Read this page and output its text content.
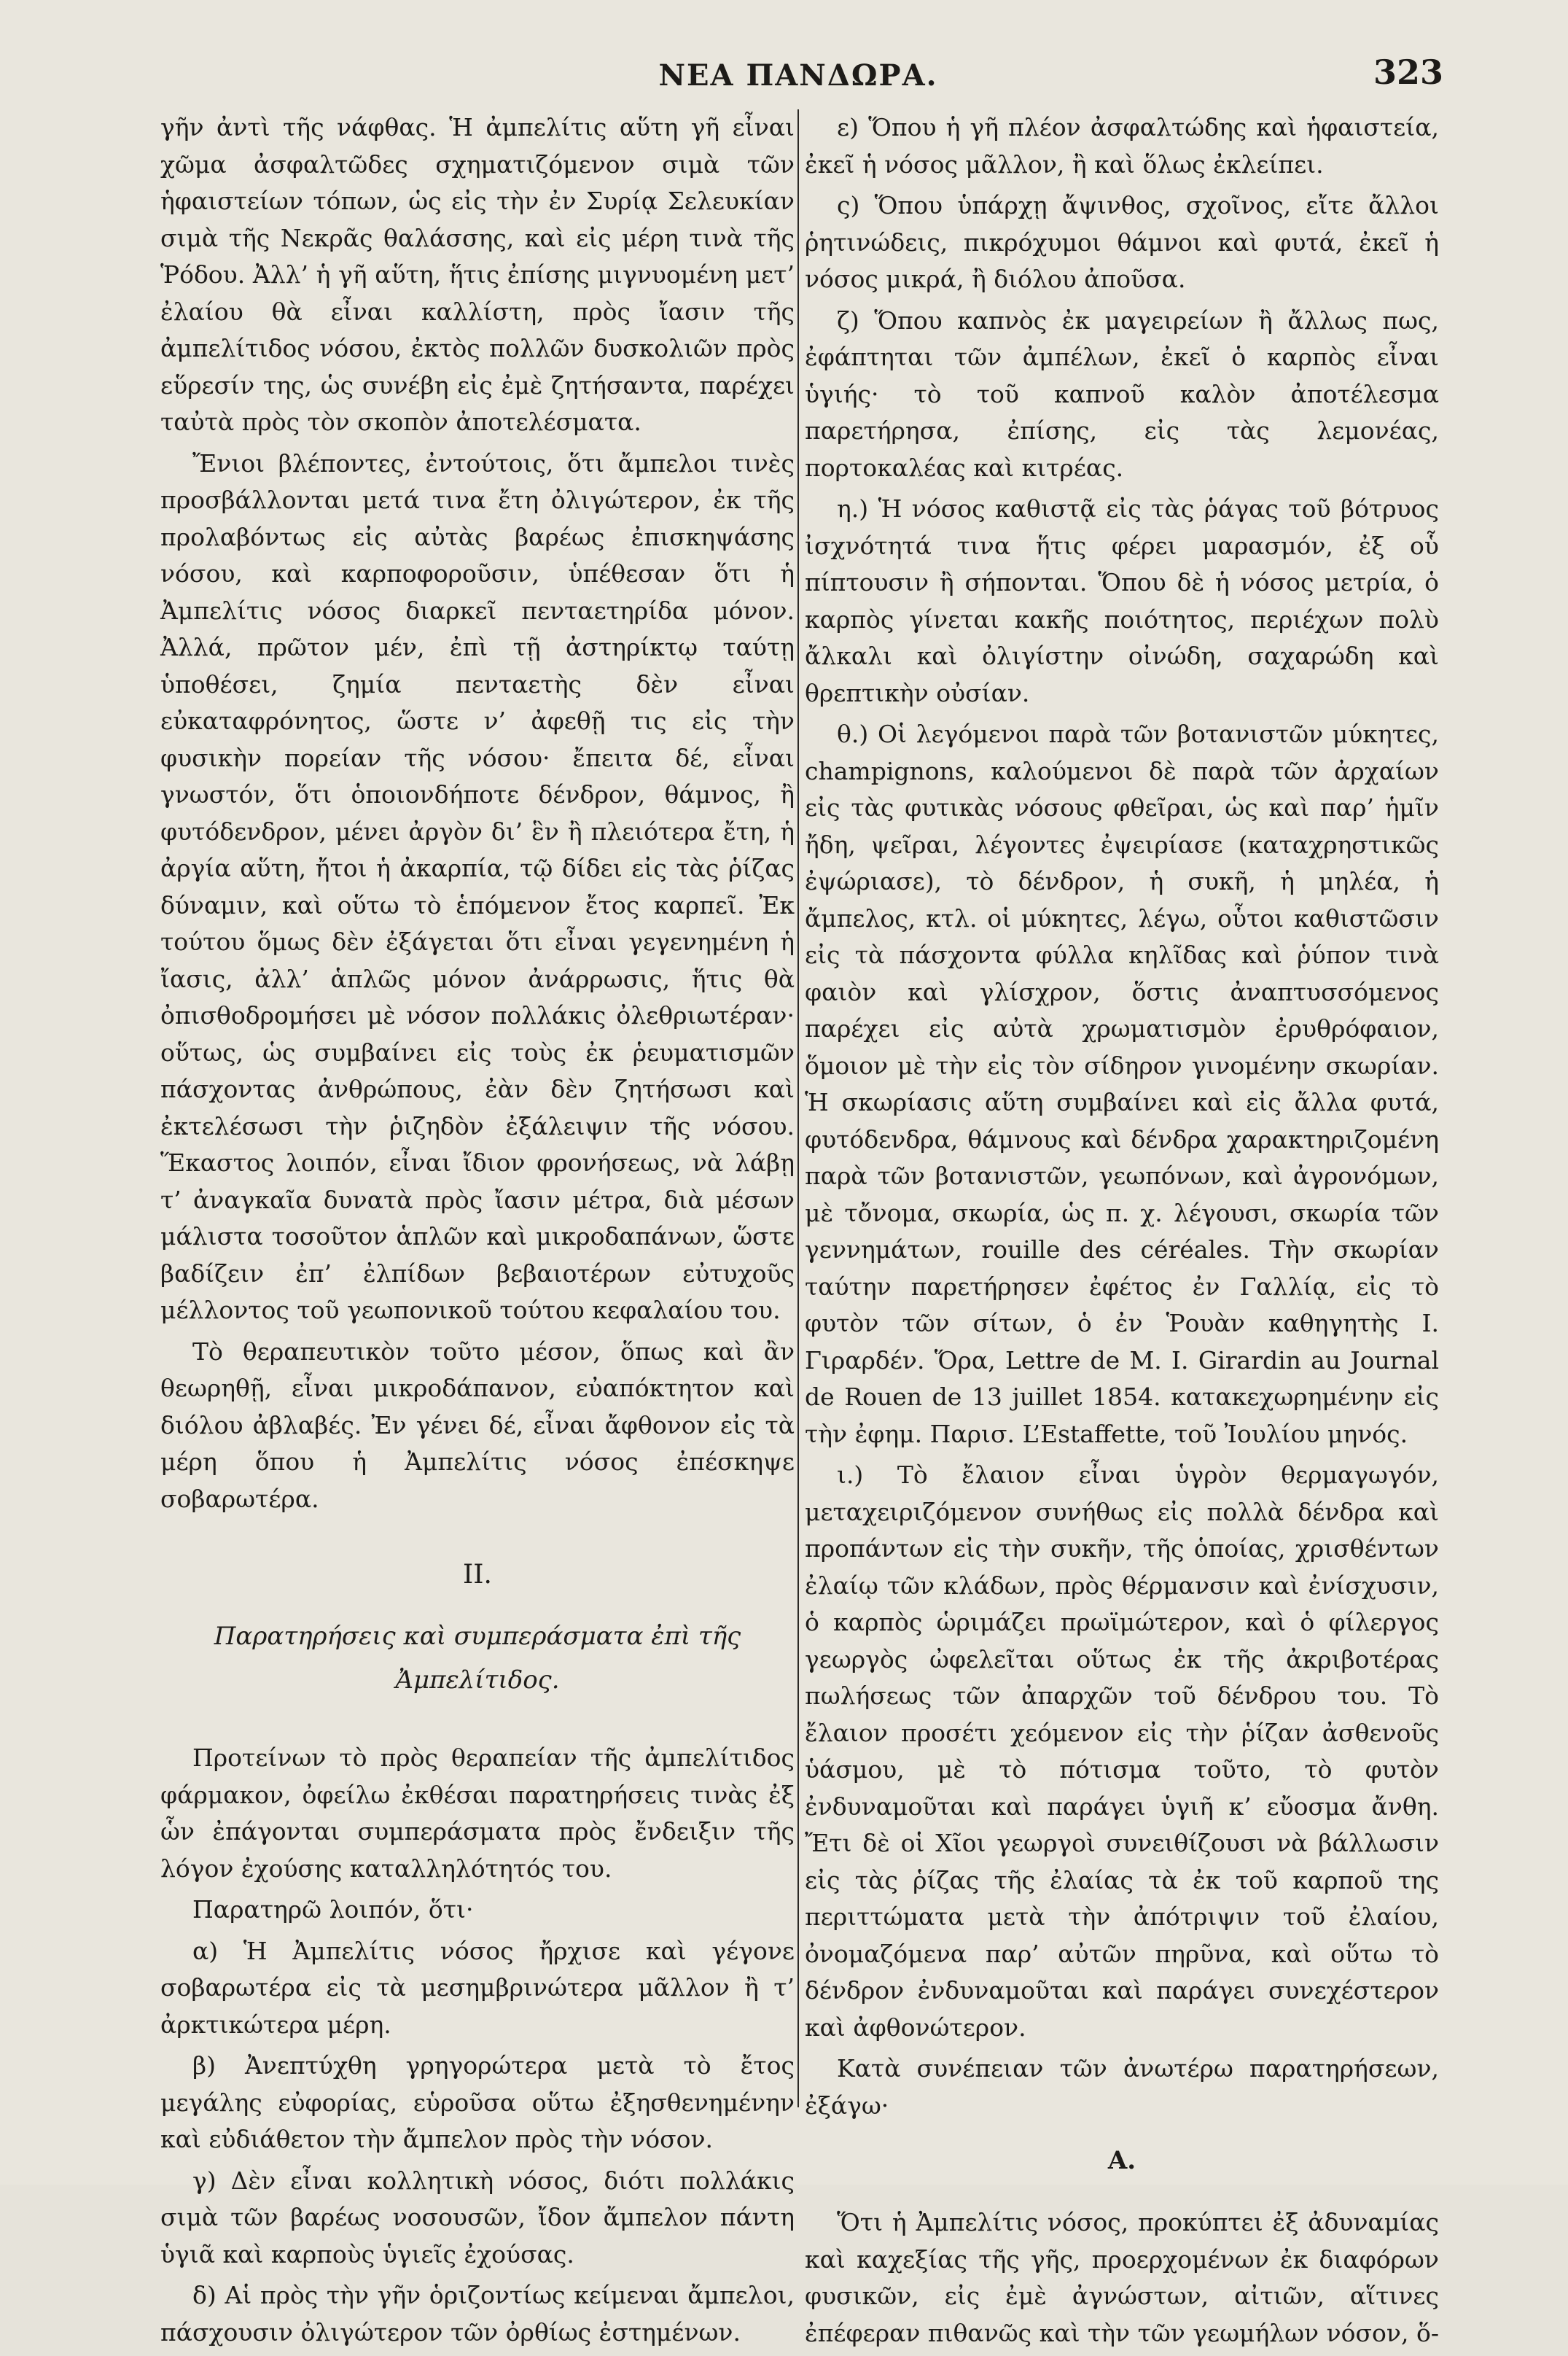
ΝΕΑ ΠΑΝΔΩΡΑ.	323

γῆν ἀντὶ τῆς νάφθας. Ἡ ἀμπελίτις αὕτη γῆ εἶναι χῶμα ἀσφαλτῶδες σχηματιζόμενον σιμὰ τῶν ἡφαιστείων τόπων, ὡς εἰς τὴν ἐν Συρίᾳ Σελευκίαν σιμὰ τῆς Νεκρᾶς θαλάσσης, καὶ εἰς μέρη τινὰ τῆς Ῥόδου. Ἀλλ’ ἡ γῆ αὕτη, ἥτις ἐπίσης μιγνυομένη μετ’ ἐλαίου θὰ εἶναι καλλίστη, πρὸς ἴασιν τῆς ἀμπελίτιδος νόσου, ἐκτὸς πολλῶν δυσκολιῶν πρὸς εὕρεσίν της, ὡς συνέβη εἰς ἐμὲ ζητήσαντα, παρέχει ταὐτὰ πρὸς τὸν σκοπὸν ἀποτελέσματα.

Ἔνιοι βλέποντες, ἐντούτοις, ὅτι ἄμπελοι τινὲς προσβάλλονται μετά τινα ἔτη ὀλιγώτερον, ἐκ τῆς προλαβόντως εἰς αὐτὰς βαρέως ἐπισκηψάσης νόσου, καὶ καρποφοροῦσιν, ὑπέθεσαν ὅτι ἡ Ἀμπελίτις νόσος διαρκεῖ πενταετηρίδα μόνον. Ἀλλά, πρῶτον μέν, ἐπὶ τῇ ἀστηρίκτῳ ταύτῃ ὑποθέσει, ζημία πενταετὴς δὲν εἶναι εὐκαταφρόνητος, ὥστε ν’ ἀφεθῇ τις εἰς τὴν φυσικὴν πορείαν τῆς νόσου· ἔπειτα δέ, εἶναι γνωστόν, ὅτι ὁποιονδήποτε δένδρον, θάμνος, ἢ φυτόδενδρον, μένει ἀργὸν δι’ ἓν ἢ πλειότερα ἔτη, ἡ ἀργία αὕτη, ἤτοι ἡ ἀκαρπία, τῷ δίδει εἰς τὰς ῥίζας δύναμιν, καὶ οὕτω τὸ ἑπόμενον ἔτος καρπεῖ. Ἐκ τούτου ὅμως δὲν ἐξάγεται ὅτι εἶναι γεγενημένη ἡ ἴασις, ἀλλ’ ἁπλῶς μόνον ἀνάρρωσις, ἥτις θὰ ὀπισθοδρομήσει μὲ νόσον πολλάκις ὀλεθριωτέραν· οὕτως, ὡς συμβαίνει εἰς τοὺς ἐκ ῥευματισμῶν πάσχοντας ἀνθρώπους, ἐὰν δὲν ζητήσωσι καὶ ἐκτελέσωσι τὴν ῥιζηδὸν ἐξάλειψιν τῆς νόσου. Ἕκαστος λοιπόν, εἶναι ἴδιον φρονήσεως, νὰ λάβῃ τ’ ἀναγκαῖα δυνατὰ πρὸς ἴασιν μέτρα, διὰ μέσων μάλιστα τοσοῦτον ἁπλῶν καὶ μικροδαπάνων, ὥστε βαδίζειν ἐπ’ ἐλπίδων βεβαιοτέρων εὐτυχοῦς μέλλοντος τοῦ γεωπονικοῦ τούτου κεφαλαίου του.

Τὸ θεραπευτικὸν τοῦτο μέσον, ὅπως καὶ ἂν θεωρηθῇ, εἶναι μικροδάπανον, εὐαπόκτητον καὶ διόλου ἀβλαβές. Ἐν γένει δέ, εἶναι ἄφθονον εἰς τὰ μέρη ὅπου ἡ Ἀμπελίτις νόσος ἐπέσκηψε σοβαρωτέρα.

II.
Παρατηρήσεις καὶ συμπεράσματα ἐπὶ τῆς
Ἀμπελίτιδος.

Προτείνων τὸ πρὸς θεραπείαν τῆς ἀμπελίτιδος φάρμακον, ὀφείλω ἐκθέσαι παρατηρήσεις τινὰς ἐξ ὧν ἐπάγονται συμπεράσματα πρὸς ἔνδειξιν τῆς λόγον ἐχούσης καταλληλότητός του.

Παρατηρῶ λοιπόν, ὅτι·

α) Ἡ Ἀμπελίτις νόσος ἤρχισε καὶ γέγονε σοβαρωτέρα εἰς τὰ μεσημβρινώτερα μᾶλλον ἢ τ’ ἀρκτικώτερα μέρη.

β) Ἀνεπτύχθη γρηγορώτερα μετὰ τὸ ἔτος μεγάλης εὐφορίας, εὑροῦσα οὕτω ἐξησθενημένην καὶ εὐδιάθετον τὴν ἄμπελον πρὸς τὴν νόσον.

γ) Δὲν εἶναι κολλητικὴ νόσος, διότι πολλάκις σιμὰ τῶν βαρέως νοσουσῶν, ἴδον ἄμπελον πάντη ὑγιᾶ καὶ καρποὺς ὑγιεῖς ἐχούσας.

δ) Αἱ πρὸς τὴν γῆν ὁριζοντίως κείμεναι ἄμπελοι, πάσχουσιν ὀλιγώτερον τῶν ὀρθίως ἐστημένων.

ε) Ὅπου ἡ γῆ πλέον ἀσφαλτώδης καὶ ἡφαιστεία, ἐκεῖ ἡ νόσος μᾶλλον, ἢ καὶ ὅλως ἐκλείπει.

ς) Ὅπου ὑπάρχῃ ἄψινθος, σχοῖνος, εἴτε ἄλλοι ῥητινώδεις, πικρόχυμοι θάμνοι καὶ φυτά, ἐκεῖ ἡ νόσος μικρά, ἢ διόλου ἀποῦσα.

ζ) Ὅπου καπνὸς ἐκ μαγειρείων ἢ ἄλλως πως, ἐφάπτηται τῶν ἀμπέλων, ἐκεῖ ὁ καρπὸς εἶναι ὑγιής· τὸ τοῦ καπνοῦ καλὸν ἀποτέλεσμα παρετήρησα, ἐπίσης, εἰς τὰς λεμονέας, πορτοκαλέας καὶ κιτρέας.

η.) Ἡ νόσος καθιστᾷ εἰς τὰς ῥάγας τοῦ βότρυος ἰσχνότητά τινα ἥτις φέρει μαρασμόν, ἐξ οὗ πίπτουσιν ἢ σήπονται. Ὅπου δὲ ἡ νόσος μετρία, ὁ καρπὸς γίνεται κακῆς ποιότητος, περιέχων πολὺ ἄλκαλι καὶ ὀλιγίστην οἰνώδη, σαχαρώδη καὶ θρεπτικὴν οὐσίαν.

θ.) Οἱ λεγόμενοι παρὰ τῶν βοτανιστῶν μύκητες, champignons, καλούμενοι δὲ παρὰ τῶν ἀρχαίων εἰς τὰς φυτικὰς νόσους φθεῖραι, ὡς καὶ παρ’ ἡμῖν ἤδη, ψεῖραι, λέγοντες ἐψειρίασε (καταχρηστικῶς ἐψώριασε), τὸ δένδρον, ἡ συκῆ, ἡ μηλέα, ἡ ἄμπελος, κτλ. οἱ μύκητες, λέγω, οὗτοι καθιστῶσιν εἰς τὰ πάσχοντα φύλλα κηλῖδας καὶ ῥύπον τινὰ φαιὸν καὶ γλίσχρον, ὅστις ἀναπτυσσόμενος παρέχει εἰς αὐτὰ χρωματισμὸν ἐρυθρόφαιον, ὅμοιον μὲ τὴν εἰς τὸν σίδηρον γινομένην σκωρίαν. Ἡ σκωρίασις αὕτη συμβαίνει καὶ εἰς ἄλλα φυτά, φυτόδενδρα, θάμνους καὶ δένδρα χαρακτηριζομένη παρὰ τῶν βοτανιστῶν, γεωπόνων, καὶ ἀγρονόμων, μὲ τὄνομα, σκωρία, ὡς π. χ. λέγουσι, σκωρία τῶν γεννημάτων, rouille des céréales. Τὴν σκωρίαν ταύτην παρετήρησεν ἐφέτος ἐν Γαλλίᾳ, εἰς τὸ φυτὸν τῶν σίτων, ὁ ἐν Ῥουὰν καθηγητὴς Ι. Γιραρδέν. Ὅρα, Lettre de M. I. Girardin au Journal de Rouen de 13 juillet 1854. κατακεχωρημένην εἰς τὴν ἐφημ. Παρισ. L’Estaffette, τοῦ Ἰουλίου μηνός.

ι.) Τὸ ἔλαιον εἶναι ὑγρὸν θερμαγωγόν, μεταχειριζόμενον συνήθως εἰς πολλὰ δένδρα καὶ προπάντων εἰς τὴν συκῆν, τῆς ὁποίας, χρισθέντων ἐλαίῳ τῶν κλάδων, πρὸς θέρμανσιν καὶ ἐνίσχυσιν, ὁ καρπὸς ὡριμάζει πρωϊμώτερον, καὶ ὁ φίλεργος γεωργὸς ὠφελεῖται οὕτως ἐκ τῆς ἀκριβοτέρας πωλήσεως τῶν ἀπαρχῶν τοῦ δένδρου του. Τὸ ἔλαιον προσέτι χεόμενον εἰς τὴν ῥίζαν ἀσθενοῦς ὑάσμου, μὲ τὸ πότισμα τοῦτο, τὸ φυτὸν ἐνδυναμοῦται καὶ παράγει ὑγιῆ κ’ εὔοσμα ἄνθη. Ἔτι δὲ οἱ Χῖοι γεωργοὶ συνειθίζουσι νὰ βάλλωσιν εἰς τὰς ῥίζας τῆς ἐλαίας τὰ ἐκ τοῦ καρποῦ της περιττώματα μετὰ τὴν ἀπότριψιν τοῦ ἐλαίου, ὀνομαζόμενα παρ’ αὐτῶν πηρῦνα, καὶ οὕτω τὸ δένδρον ἐνδυναμοῦται καὶ παράγει συνεχέστερον καὶ ἀφθονώτερον.

Κατὰ συνέπειαν τῶν ἀνωτέρω παρατηρήσεων, ἐξάγω·

Α.

Ὅτι ἡ Ἀμπελίτις νόσος, προκύπτει ἐξ ἀδυναμίας καὶ καχεξίας τῆς γῆς, προερχομένων ἐκ διαφόρων φυσικῶν, εἰς ἐμὲ ἀγνώστων, αἰτιῶν, αἵτινες ἐπέφεραν πιθανῶς καὶ τὴν τῶν γεωμήλων νόσον, ὅ-
